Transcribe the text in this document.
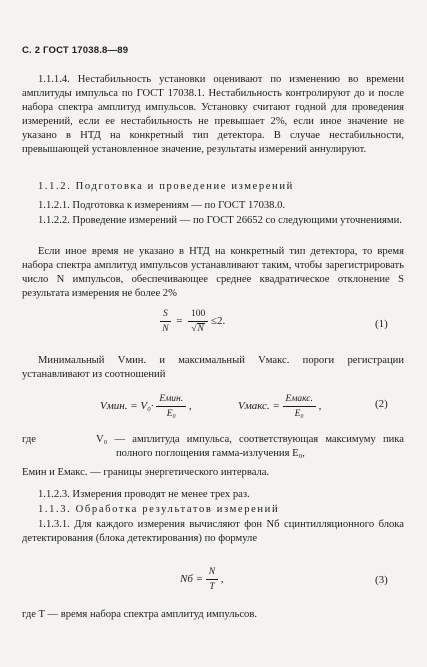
С. 2 ГОСТ 17038.8—89

1.1.1.4. Нестабильность установки оценивают по изменению во времени амплитуды импульса по ГОСТ 17038.1. Нестабильность контролируют до и после набора спектра амплитуд импульсов. Установку считают годной для проведения измерений, если ее нестабильность не превышает 2%, если иное значение не указано в НТД на конкретный тип детектора. В случае нестабильности, превышающей установленное значение, результаты измерений аннулируют.

1.1.2. Подготовка и проведение измерений

1.1.2.1. Подготовка к измерениям — по ГОСТ 17038.0.

1.1.2.2. Проведение измерений — по ГОСТ 26652 со следующими уточнениями.

Если иное время не указано в НТД на конкретный тип детектора, то время набора спектра амплитуд импульсов устанавливают таким, чтобы зарегистрировать число N импульсов, обеспечивающее среднее квадратическое отклонение S результата измерения не более 2%

$\frac{S}{N} = \frac{100}{√N} \le 2$.	(1)

Минимальный Vмин. и максимальный Vмакс. пороги регистрации устанавливают из соотношений

Vмин. = $V_0\cdot \frac{\text{Eмин.}}{\text{E₀}}$ ,	Vмакс. = $\frac{\text{Eмакс.}}{\text{E₀}}$ ,	(2)
где	V₀ — амплитуда импульса, соответствующая максимуму пика полного поглощения гамма-излучения E₀,

Eмин и Eмакс. — границы энергетического интервала.

1.1.2.3. Измерения проводят не менее трех раз.

1.1.3. Обработка результатов измерений

1.1.3.1. Для каждого измерения вычисляют фон Nб сцинтилляционного блока детектирования (блока детектирования) по формуле

Nб = $\frac{N}{T}$ ,	(3)

где T — время набора спектра амплитуд импульсов.
